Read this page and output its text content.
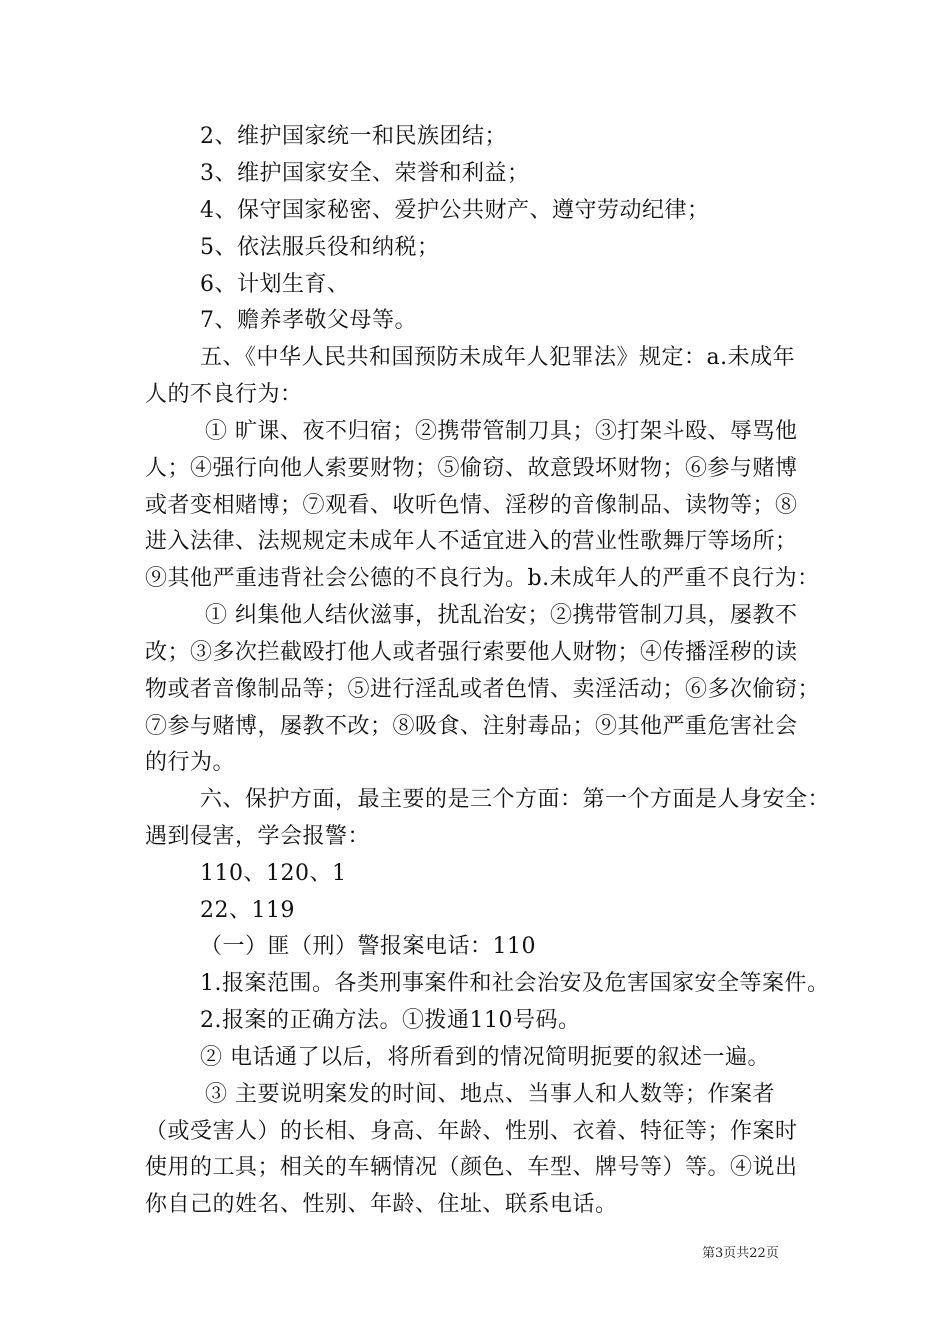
2、维护国家统一和民族团结；
3、维护国家安全、荣誉和利益；
4、保守国家秘密、爱护公共财产、遵守劳动纪律；
5、依法服兵役和纳税；
6、计划生育、
7、赡养孝敬父母等。
五、《中华人民共和国预防未成年人犯罪法》规定：a.未成年
人的不良行为：
① 旷课、夜不归宿；②携带管制刀具；③打架斗殴、辱骂他
人；④强行向他人索要财物；⑤偷窃、故意毁坏财物；⑥参与赌博
或者变相赌博；⑦观看、收听色情、淫秽的音像制品、读物等；⑧
进入法律、法规规定未成年人不适宜进入的营业性歌舞厅等场所；
⑨其他严重违背社会公德的不良行为。b.未成年人的严重不良行为：
① 纠集他人结伙滋事，扰乱治安；②携带管制刀具，屡教不
改；③多次拦截殴打他人或者强行索要他人财物；④传播淫秽的读
物或者音像制品等；⑤进行淫乱或者色情、卖淫活动；⑥多次偷窃；
⑦参与赌博，屡教不改；⑧吸食、注射毒品；⑨其他严重危害社会
的行为。
六、保护方面，最主要的是三个方面：第一个方面是人身安全：
遇到侵害，学会报警：
110、120、1
22、119
（一）匪（刑）警报案电话：110
1.报案范围。各类刑事案件和社会治安及危害国家安全等案件。
2.报案的正确方法。①拨通110号码。
② 电话通了以后，将所看到的情况简明扼要的叙述一遍。
③ 主要说明案发的时间、地点、当事人和人数等；作案者
（或受害人）的长相、身高、年龄、性别、衣着、特征等；作案时
使用的工具；相关的车辆情况（颜色、车型、牌号等）等。④说出
你自己的姓名、性别、年龄、住址、联系电话。
第3页共22页
